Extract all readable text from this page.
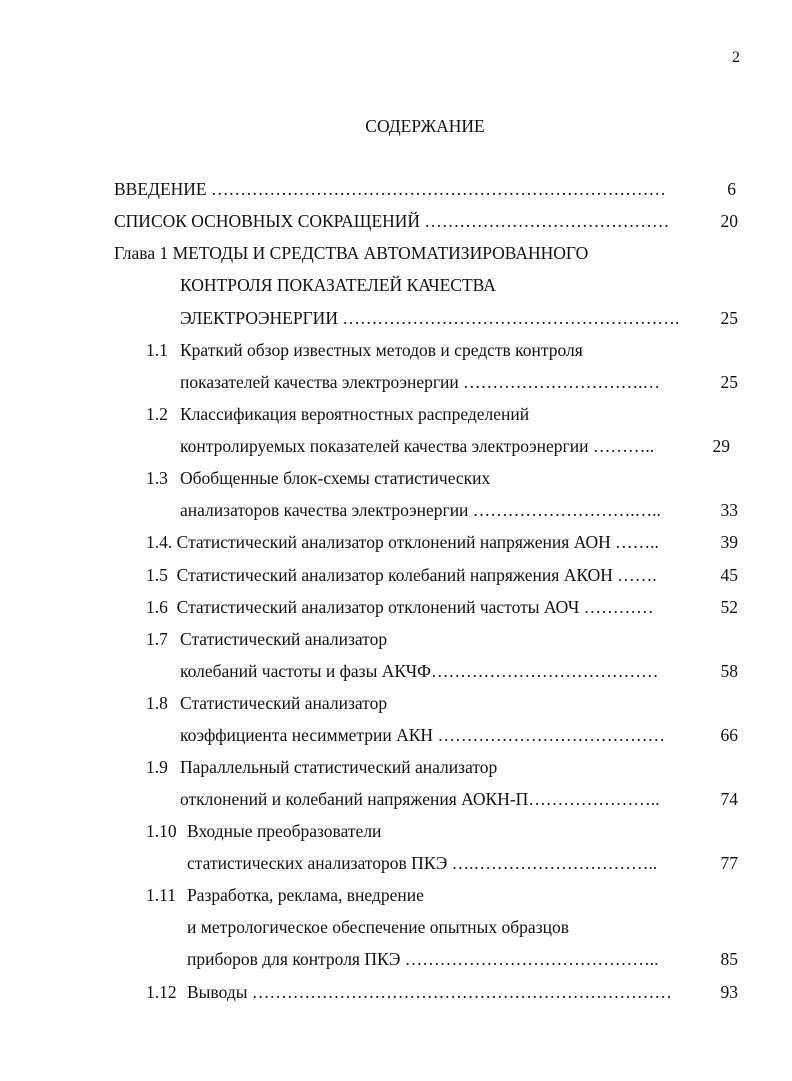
2
СОДЕРЖАНИЕ
ВВЕДЕНИЕ ……………………………………………………………………	6
СПИСОК ОСНОВНЫХ СОКРАЩЕНИЙ ……………………………………	20
Глава 1 МЕТОДЫ И СРЕДСТВА АВТОМАТИЗИРОВАННОГО
КОНТРОЛЯ ПОКАЗАТЕЛЕЙ КАЧЕСТВА
ЭЛЕКТРОЭНЕРГИИ …………………………………………………. 25
1.1 Краткий обзор известных методов и средств контроля
показателей качества электроэнергии ………………………….…	25
1.2 Классификация вероятностных распределений
контролируемых показателей качества электроэнергии ………..	29
1.3 Обобщенные блок-схемы статистических
анализаторов качества электроэнергии ……………………….…..	33
1.4. Статистический анализатор отклонений напряжения АОН ……..	39
1.5  Статистический анализатор колебаний напряжения АКОН …….	45
1.6  Статистический анализатор отклонений частоты АОЧ …………	52
1.7 Статистический анализатор
колебаний частоты и фазы АКЧФ…………………………………	58
1.8 Статистический анализатор
коэффициента несимметрии АКН …………………………………	66
1.9 Параллельный статистический анализатор
отклонений и колебаний напряжения АОКН-П…………………..	74
1.10 Входные преобразователи
статистических анализаторов ПКЭ ….…………………………..	77
1.11 Разработка, реклама, внедрение
и метрологическое обеспечение опытных образцов
приборов для контроля ПКЭ ……………………………………..	85
1.12 Выводы ………………………………………………………………	93
